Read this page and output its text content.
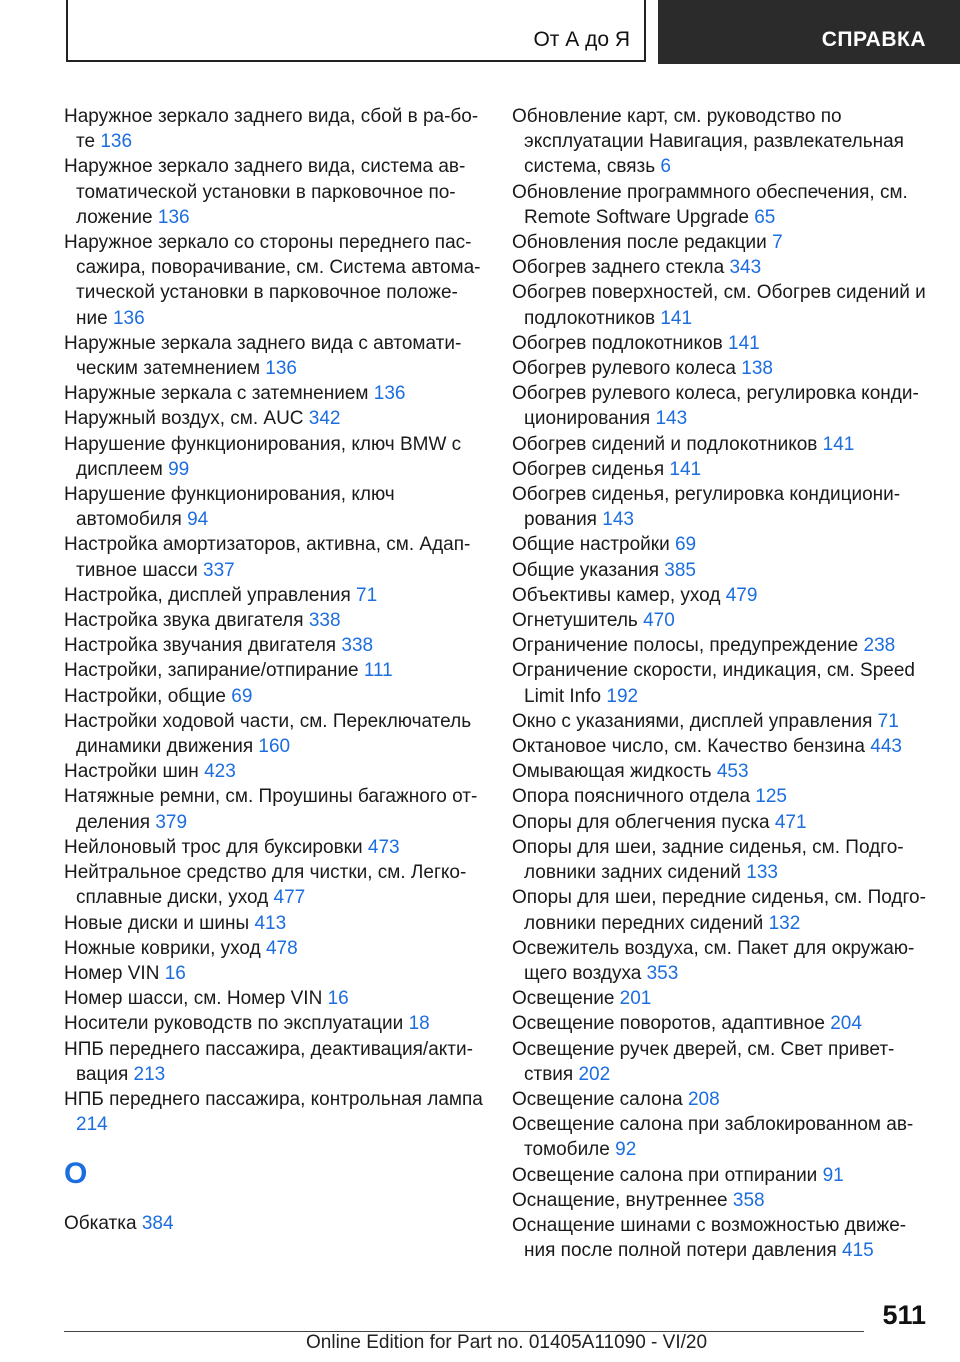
От А до Я	СПРАВКА

Наружное зеркало заднего вида, сбой в ра-боте 136

Наружное зеркало заднего вида, система ав-томатической установки в парковочное по-ложение 136

Наружное зеркало со стороны переднего пас-сажира, поворачивание, см. Система автома-тической установки в парковочное положе-ние 136

Наружные зеркала заднего вида с автомати-ческим затемнением 136

Наружные зеркала с затемнением 136

Наружный воздух, см. AUC 342

Нарушение функционирования, ключ BMW с дисплеем 99

Нарушение функционирования, ключ автомобиля 94

Настройка амортизаторов, активна, см. Адап-тивное шасси 337

Настройка, дисплей управления 71

Настройка звука двигателя 338

Настройка звучания двигателя 338

Настройки, запирание/отпирание 111

Настройки, общие 69

Настройки ходовой части, см. Переключатель динамики движения 160

Настройки шин 423

Натяжные ремни, см. Проушины багажного от-деления 379

Нейлоновый трос для буксировки 473

Нейтральное средство для чистки, см. Легко-сплавные диски, уход 477

Новые диски и шины 413

Ножные коврики, уход 478

Номер VIN 16

Номер шасси, см. Номер VIN 16

Носители руководств по эксплуатации 18

НПБ переднего пассажира, деактивация/акти-вация 213

НПБ переднего пассажира, контрольная лампа 214

О

Обкатка 384

Обновление карт, см. руководство по эксплуатации Навигация, развлекательная система, связь 6

Обновление программного обеспечения, см. Remote Software Upgrade 65

Обновления после редакции 7

Обогрев заднего стекла 343

Обогрев поверхностей, см. Обогрев сидений и подлокотников 141

Обогрев подлокотников 141

Обогрев рулевого колеса 138

Обогрев рулевого колеса, регулировка конди-ционирования 143

Обогрев сидений и подлокотников 141

Обогрев сиденья 141

Обогрев сиденья, регулировка кондициони-рования 143

Общие настройки 69

Общие указания 385

Объективы камер, уход 479

Огнетушитель 470

Ограничение полосы, предупреждение 238

Ограничение скорости, индикация, см. Speed Limit Info 192

Окно с указаниями, дисплей управления 71

Октановое число, см. Качество бензина 443

Омывающая жидкость 453

Опора поясничного отдела 125

Опоры для облегчения пуска 471

Опоры для шеи, задние сиденья, см. Подго-ловники задних сидений 133

Опоры для шеи, передние сиденья, см. Подго-ловники передних сидений 132

Освежитель воздуха, см. Пакет для окружаю-щего воздуха 353

Освещение 201

Освещение поворотов, адаптивное 204

Освещение ручек дверей, см. Свет привет-ствия 202

Освещение салона 208

Освещение салона при заблокированном ав-томобиле 92

Освещение салона при отпирании 91

Оснащение, внутреннее 358

Оснащение шинами с возможностью движе-ния после полной потери давления 415

511
Online Edition for Part no. 01405A11090 - VI/20
